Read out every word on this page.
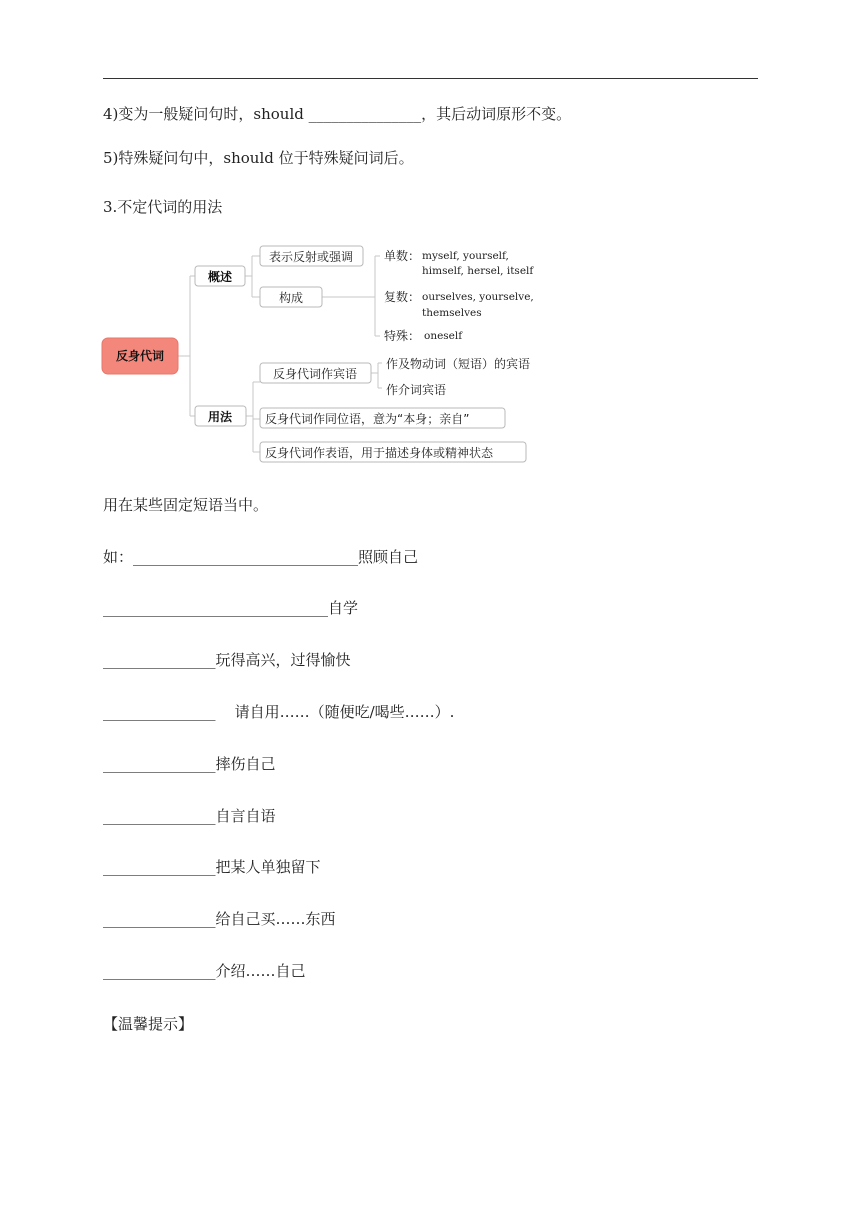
4)变为一般疑问句时，should _______________，其后动词原形不变。
5)特殊疑问句中，should 位于特殊疑问词后。
3.不定代词的用法
反身代词
概述
用法
表示反射或强调
构成
单数： myself, yourself,
himself, hersel, itself
复数： ourselves, yourselve,
themselves
特殊： oneself
反身代词作宾语
作及物动词（短语）的宾语
作介词宾语
反身代词作同位语，意为“本身；亲自”
反身代词作表语，用于描述身体或精神状态
用在某些固定短语当中。
如：______________________________照顾自己
______________________________自学
_______________玩得高兴，过得愉快
_______________    请自用……（随便吃/喝些……）.
_______________摔伤自己
_______________自言自语
_______________把某人单独留下
_______________给自己买……东西
_______________介绍……自己
【温馨提示】
